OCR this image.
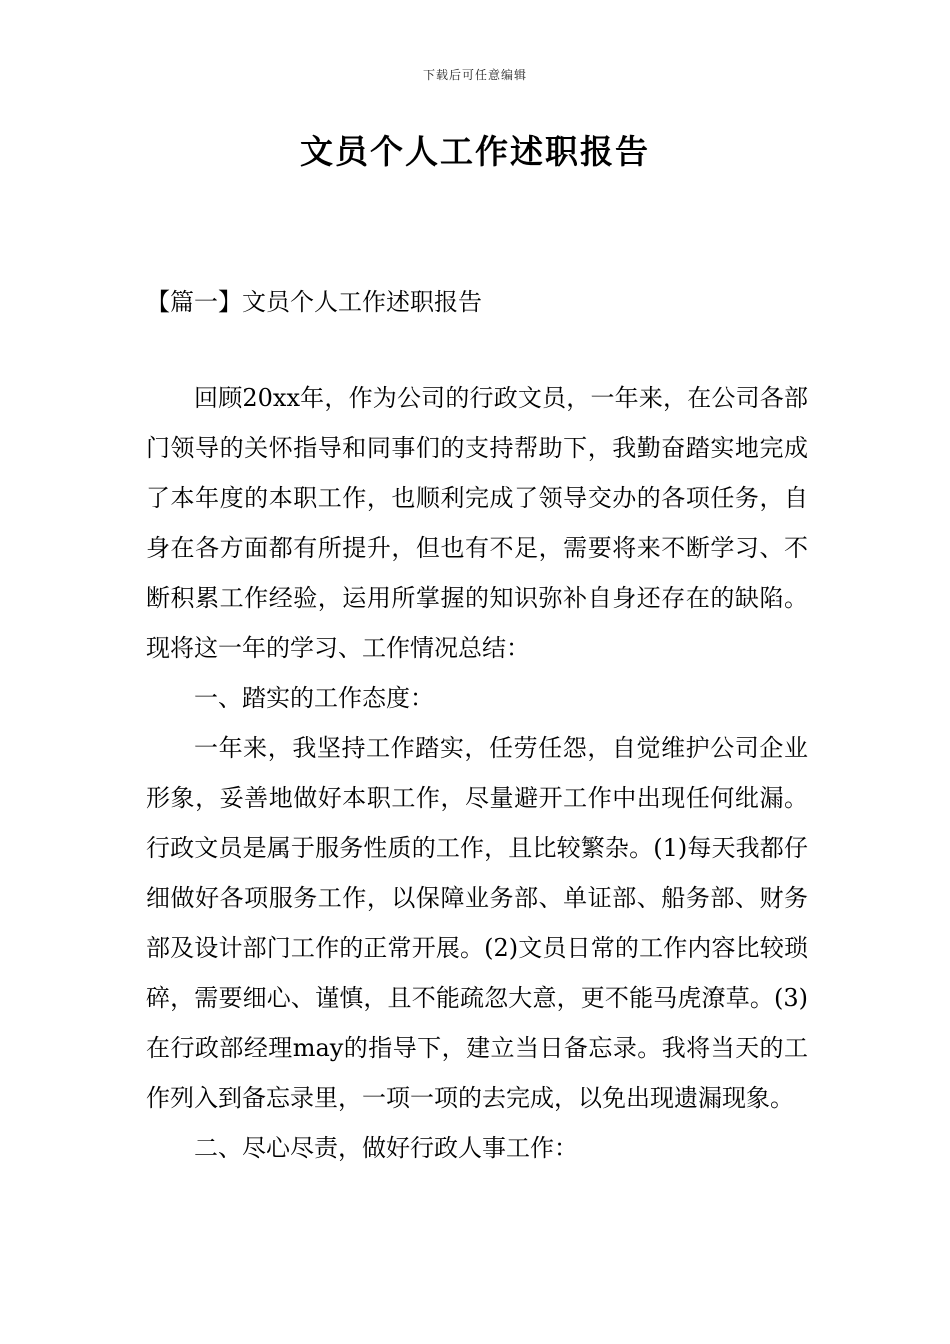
下载后可任意编辑
文员个人工作述职报告
【篇一】文员个人工作述职报告

回顾20xx年，作为公司的行政文员，一年来，在公司各部门领导的关怀指导和同事们的支持帮助下，我勤奋踏实地完成了本年度的本职工作，也顺利完成了领导交办的各项任务，自身在各方面都有所提升，但也有不足，需要将来不断学习、不断积累工作经验，运用所掌握的知识弥补自身还存在的缺陷。现将这一年的学习、工作情况总结：

一、踏实的工作态度：

一年来，我坚持工作踏实，任劳任怨，自觉维护公司企业形象，妥善地做好本职工作，尽量避开工作中出现任何纰漏。行政文员是属于服务性质的工作，且比较繁杂。(1)每天我都仔细做好各项服务工作，以保障业务部、单证部、船务部、财务部及设计部门工作的正常开展。(2)文员日常的工作内容比较琐碎，需要细心、谨慎，且不能疏忽大意，更不能马虎潦草。(3)在行政部经理may的指导下，建立当日备忘录。我将当天的工作列入到备忘录里，一项一项的去完成，以免出现遗漏现象。

二、尽心尽责，做好行政人事工作：
